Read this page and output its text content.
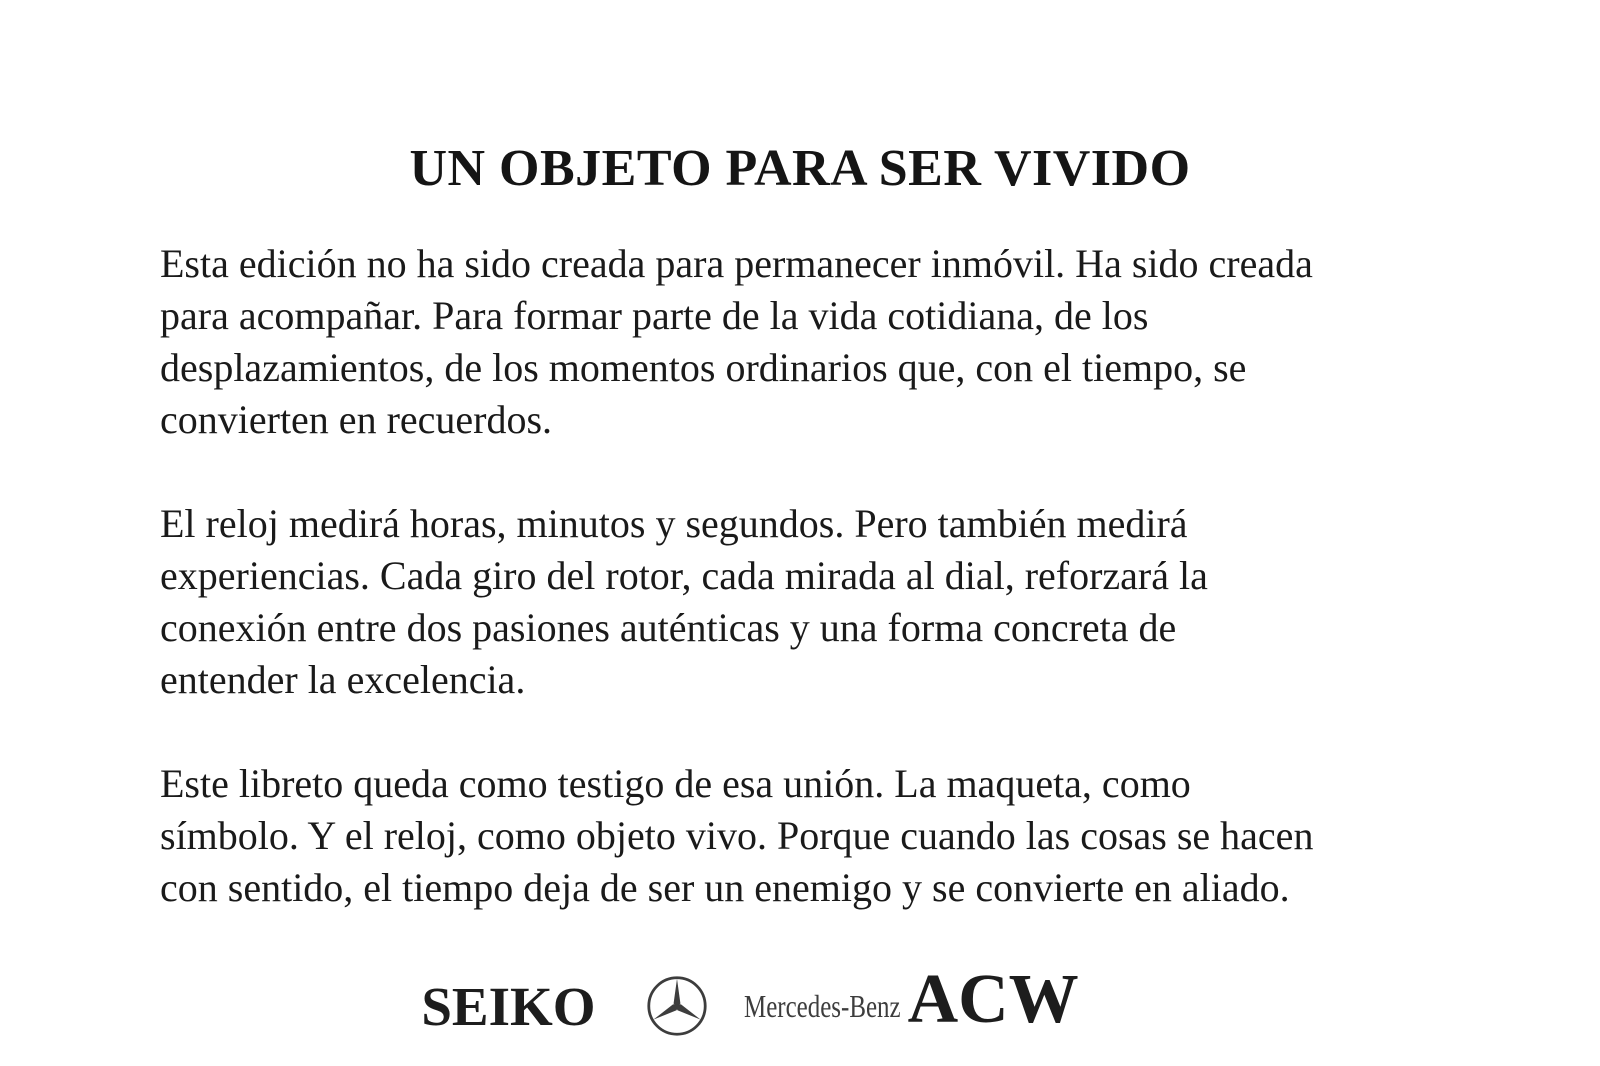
UN OBJETO PARA SER VIVIDO
Esta edición no ha sido creada para permanecer inmóvil. Ha sido creada
para acompañar. Para formar parte de la vida cotidiana, de los
desplazamientos, de los momentos ordinarios que, con el tiempo, se
convierten en recuerdos.
El reloj medirá horas, minutos y segundos. Pero también medirá
experiencias. Cada giro del rotor, cada mirada al dial, reforzará la
conexión entre dos pasiones auténticas y una forma concreta de
entender la excelencia.
Este libreto queda como testigo de esa unión. La maqueta, como
símbolo. Y el reloj, como objeto vivo. Porque cuando las cosas se hacen
con sentido, el tiempo deja de ser un enemigo y se convierte en aliado.
SEIKO	Mercedes-Benz ACW
